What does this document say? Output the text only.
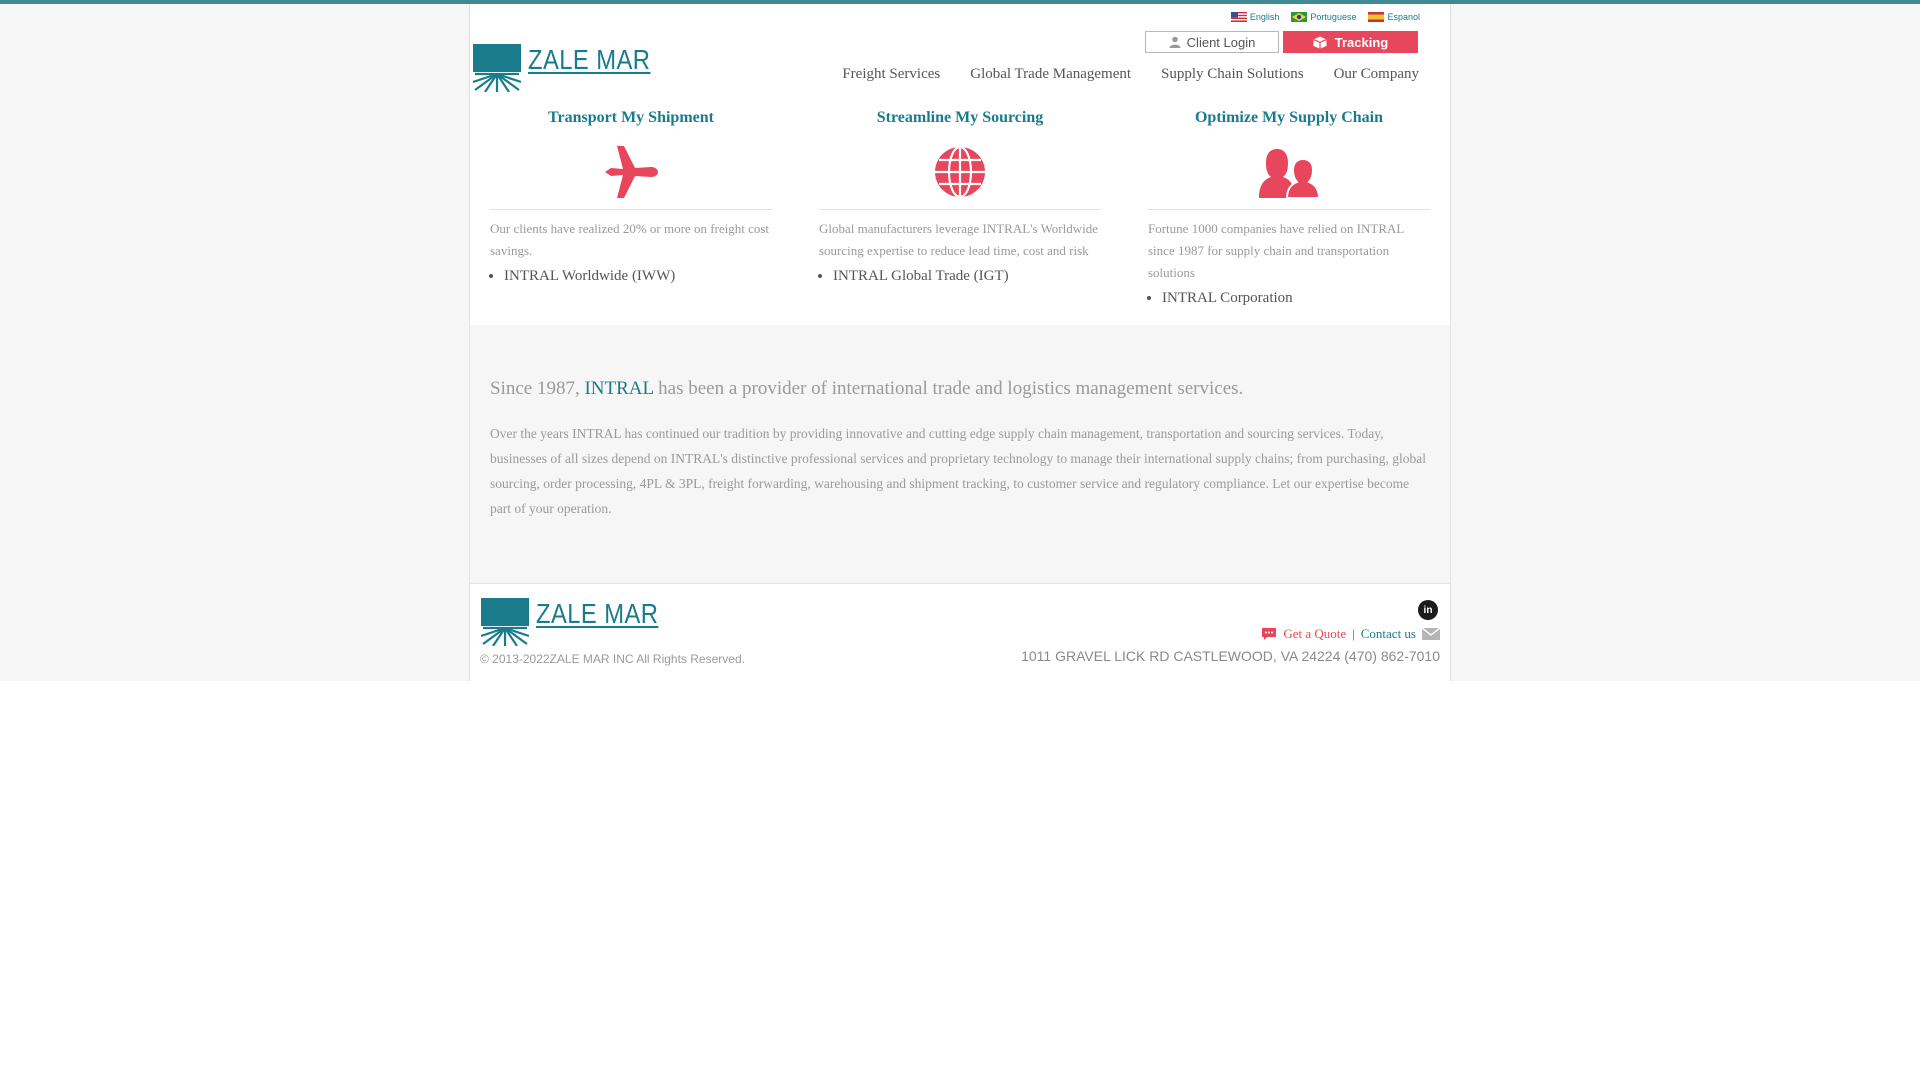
ZALE MAR
English	Portuguese	Espanol
Client Login	Tracking
Freight Services Global Trade Management Supply Chain Solutions Our Company
Transport My Shipment
Our clients have realized 20% or more on freight cost savings.
• INTRAL Worldwide (IWW)
Streamline My Sourcing
Global manufacturers leverage INTRAL's Worldwide sourcing expertise to reduce lead time, cost and risk
• INTRAL Global Trade (IGT)
Optimize My Supply Chain
Fortune 1000 companies have relied on INTRAL since 1987 for supply chain and transportation solutions
• INTRAL Corporation
Since 1987, INTRAL has been a provider of international trade and logistics management services.
Over the years INTRAL has continued our tradition by providing innovative and cutting edge supply chain management, transportation and sourcing services. Today, businesses of all sizes depend on INTRAL's distinctive professional services and proprietary technology to manage their international supply chains; from purchasing, global sourcing, order processing, 4PL & 3PL, freight forwarding, warehousing and shipment tracking, to customer service and regulatory compliance. Let our expertise become part of your operation.
ZALE MAR
© 2013-2022ZALE MAR INC All Rights Reserved.
in
Get a Quote | Contact us
1011 GRAVEL LICK RD CASTLEWOOD, VA 24224 (470) 862-7010
